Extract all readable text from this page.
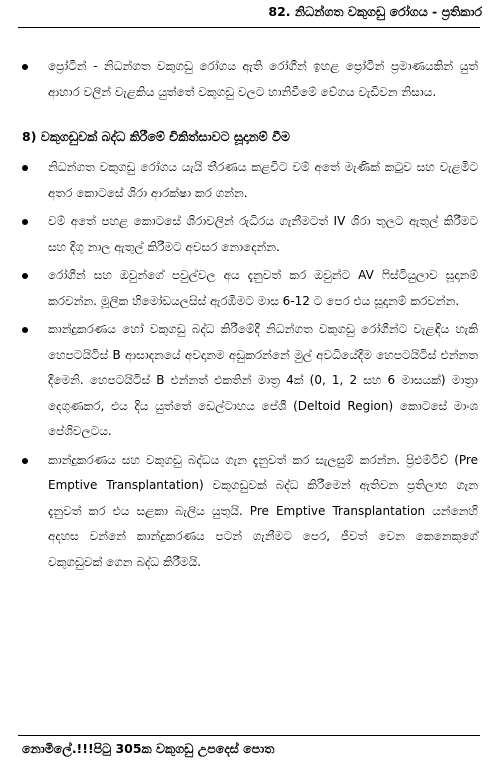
82. නිධන්ගත වකුගඩු රෝගය - ප්‍රතිකාර
ප්‍රෝටීන් - නිධන්ගත වකුගඩු රෝගය ඇති රෝගීන් ඉහළ ප්‍රෝටීන් ප්‍රමාණයකින් යුත් ආහාර වලින් වැළකිය යුත්තේ වකුගඩු වලට හානිවීමේ වේගය වැඩිවන නිසාය.
8) වකුගඩුවක් බද්ධ කිරීමේ චිකිත්සාවට සූදානම් වීම
නිධන්ගත වකුගඩු රෝගය යැයි තීරණය කළවිට වම් අතේ මැණික් කටුව සහ වැළමිට අතර කොටසේ ශිරා ආරක්ෂා කර ගන්න.
වම් අතේ පහළ කොටසේ ශිරාවලින් රුධිරය ගැනීමටත් IV ශිරා තුලට ඇතුල් කිරීමට සහ දිගු නාල ඇතුල් කිරීමට අවසර නොදෙන්න.
රෝගීන් සහ ඔවුන්ගේ පවුල්වල අය දැනුවත් කර ඔවුන්ට AV ෆිස්ටියුලාව සූදානම් කරවන්න. මූලික හිමෝඩයලසිස් ඇරඹීමට මාස 6-12 ට පෙර එය සූදානම් කරවන්න.
කාන්දුකරණය හෝ වකුගඩු බද්ධ කිරීමේදී නිධන්ගත වකුගඩු රෝගීන්ට වැළඳිය හැකි හෙපටයිටිස් B ආසාදනයේ අවදානම අඩුකරන්නේ මුල් අවධියේදීම හෙපටයිටිස් එන්නත දීමෙනි. හෙපටයිටිස් B එන්නත් එකතින් මාත්‍ර 4ක් (0, 1, 2 සහ 6 මාසයක්) මාත්‍රා දෙගුණකර, එය දිය යුත්තේ ඩෙල්ටාහය පේශී (Deltoid Region) කොටසේ මාංශ පේශිවලටය.
කාන්දුකරණය සහ වකුගඩු බද්ධය ගැන දැනුවත් කර සැලසුම් කරන්න. ප්‍රිඑම්ටිව් (Pre Emptive Transplantation) වකුගඩුවක් බද්ධ කිරීමෙන් ඇතිවන ප්‍රතිලාභ ගැන දැනුවත් කර එය සළකා බැලිය යුතුයි. Pre Emptive Transplantation යන්නෙහි අදහස වන්නේ කාන්දුකරණය පටන් ගැනීමට පෙර, ජීවත් වෙන කෙනෙකුගේ වකුගඩුවක් ගෙන බද්ධ කිරීමයි.
නොමිලේ.!!!පිටු 305ක වකුගඩු උපදෙස් පොත
